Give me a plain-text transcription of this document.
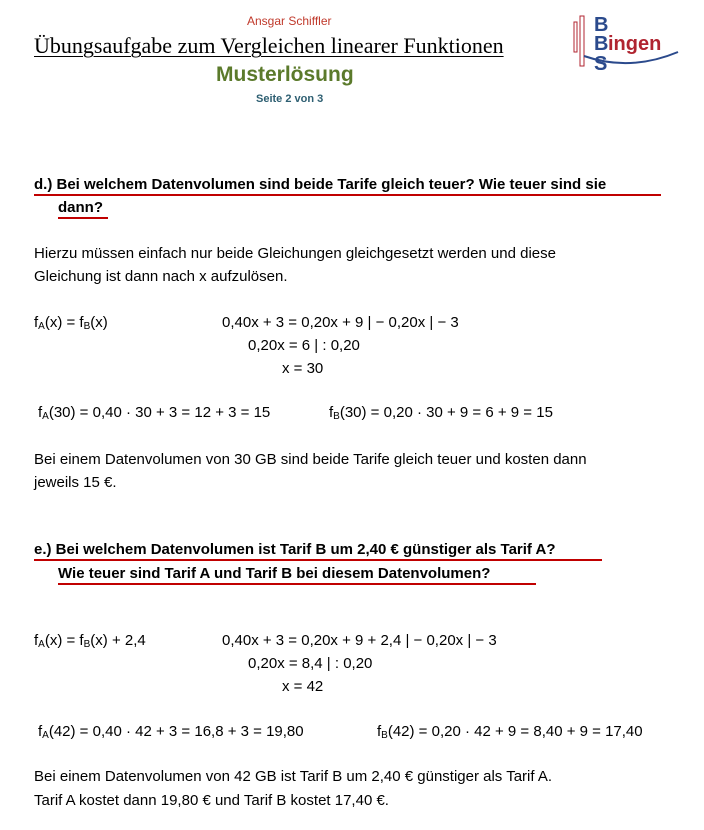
Ansgar Schiffler
Übungsaufgabe zum Vergleichen linearer Funktionen
Musterlösung
Seite 2 von 3
B
B ingen
S
d.) Bei welchem Datenvolumen sind beide Tarife gleich teuer? Wie teuer sind sie
dann?
Hierzu müssen einfach nur beide Gleichungen gleichgesetzt werden und diese
Gleichung ist dann nach x aufzulösen.
$f_A(x) = f_B(x)$	0,40x + 3 = 0,20x + 9 | − 0,20x | − 3
0,20x = 6 | : 0,20
x = 30
$f_A(30) = 0,40 \cdot 30 + 3 = 12 + 3 = 15$	$f_B(30) = 0,20 \cdot 30 + 9 = 6 + 9 = 15$
Bei einem Datenvolumen von 30 GB sind beide Tarife gleich teuer und kosten dann
jeweils 15 €.
e.) Bei welchem Datenvolumen ist Tarif B um 2,40 € günstiger als Tarif A?
Wie teuer sind Tarif A und Tarif B bei diesem Datenvolumen?
$f_A(x) = f_B(x) + 2,4$	0,40x + 3 = 0,20x + 9 + 2,4 | − 0,20x | − 3
0,20x = 8,4 | : 0,20
x = 42
$f_A(42) = 0,40 \cdot 42 + 3 = 16,8 + 3 = 19,80$	$f_B(42) = 0,20 \cdot 42 + 9 = 8,40 + 9 = 17,40$
Bei einem Datenvolumen von 42 GB ist Tarif B um 2,40 € günstiger als Tarif A.
Tarif A kostet dann 19,80 € und Tarif B kostet 17,40 €.
